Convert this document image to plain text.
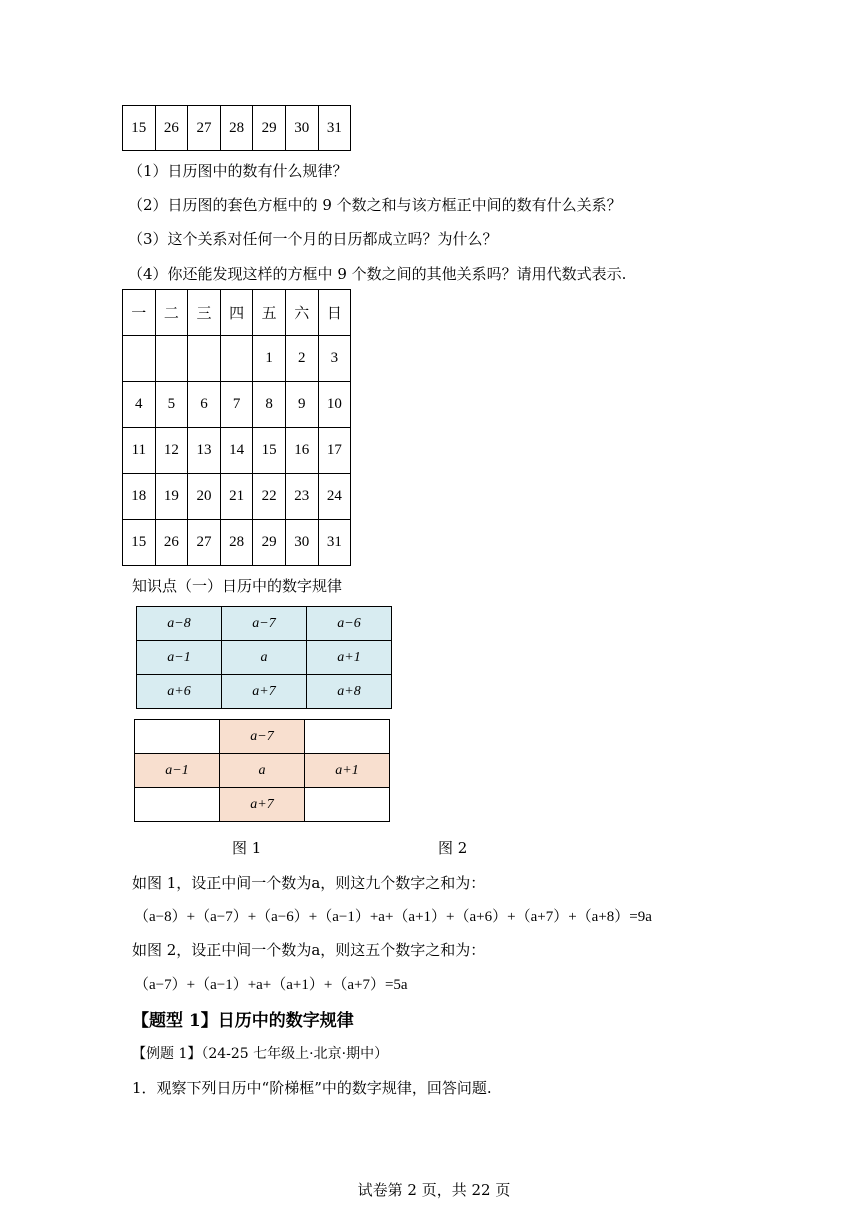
15	26	27	28	29	30	31
（1）日历图中的数有什么规律？
（2）日历图的套色方框中的 9 个数之和与该方框正中间的数有什么关系？
（3）这个关系对任何一个月的日历都成立吗？为什么？
（4）你还能发现这样的方框中 9 个数之间的其他关系吗？请用代数式表示.
一	二	三	四	五	六	日
				1	2	3
4	5	6	7	8	9	10
11	12	13	14	15	16	17
18	19	20	21	22	23	24
15	26	27	28	29	30	31
知识点（一）日历中的数字规律
a−8	a−7	a−6
a−1	a	a+1
a+6	a+7	a+8
	a−7	
a−1	a	a+1
	a+7	
图 1	图 2
如图 1，设正中间一个数为a，则这九个数字之和为：
（a−8）+（a−7）+（a−6）+（a−1）+a+（a+1）+（a+6）+（a+7）+（a+8）=9a
如图 2，设正中间一个数为a，则这五个数字之和为：
（a−7）+（a−1）+a+（a+1）+（a+7）=5a
【题型 1】日历中的数字规律
【例题 1】（24-25 七年级上·北京·期中）
1．观察下列日历中“阶梯框”中的数字规律，回答问题.
试卷第 2 页，共 22 页
